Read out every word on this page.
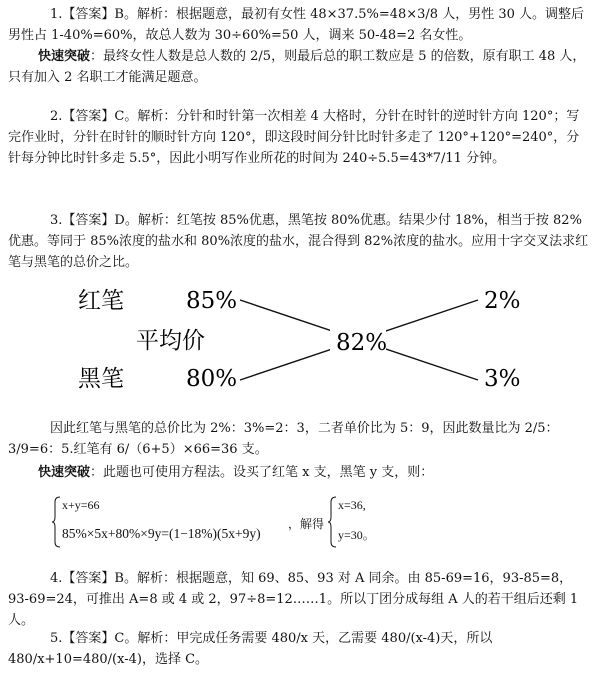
1.【答案】B。解析：根据题意，最初有女性 48×37.5%=48×3/8 人，男性 30 人。调整后男性占 1-40%=60%，故总人数为 30÷60%=50 人，调来 50-48=2 名女性。

快速突破：最终女性人数是总人数的 2/5，则最后总的职工数应是 5 的倍数，原有职工 48 人，只有加入 2 名职工才能满足题意。

2.【答案】C。解析：分针和时针第一次相差 4 大格时，分针在时针的逆时针方向 120°；写完作业时，分针在时针的顺时针方向 120°，即这段时间分针比时针多走了 120°+120°=240°，分针每分钟比时针多走 5.5°，因此小明写作业所花的时间为 240÷5.5=43*7/11 分钟。

3.【答案】D。解析：红笔按 85%优惠，黑笔按 80%优惠。结果少付 18%，相当于按 82%优惠。等同于 85%浓度的盐水和 80%浓度的盐水，混合得到 82%浓度的盐水。应用十字交叉法求红笔与黑笔的总价之比。

红笔	85%
平均价	82%
黑笔	80%
2%
3%

因此红笔与黑笔的总价比为 2%：3%=2：3，二者单价比为 5：9，因此数量比为 2/5：3/9=6：5.红笔有 6/（6+5）×66=36 支。

快速突破：此题也可使用方程法。设买了红笔 x 支，黑笔 y 支，则：

x+y=66
85%×5x+80%×9y=(1−18%)(5x+9y)
，解得
x=36,
y=30。

4.【答案】B。解析：根据题意，知 69、85、93 对 A 同余。由 85-69=16，93-85=8，93-69=24，可推出 A=8 或 4 或 2，97÷8=12……1。所以丁团分成每组 A 人的若干组后还剩 1 人。

5.【答案】C。解析：甲完成任务需要 480/x 天，乙需要 480/(x-4)天，所以 480/x+10=480/(x-4)，选择 C。
